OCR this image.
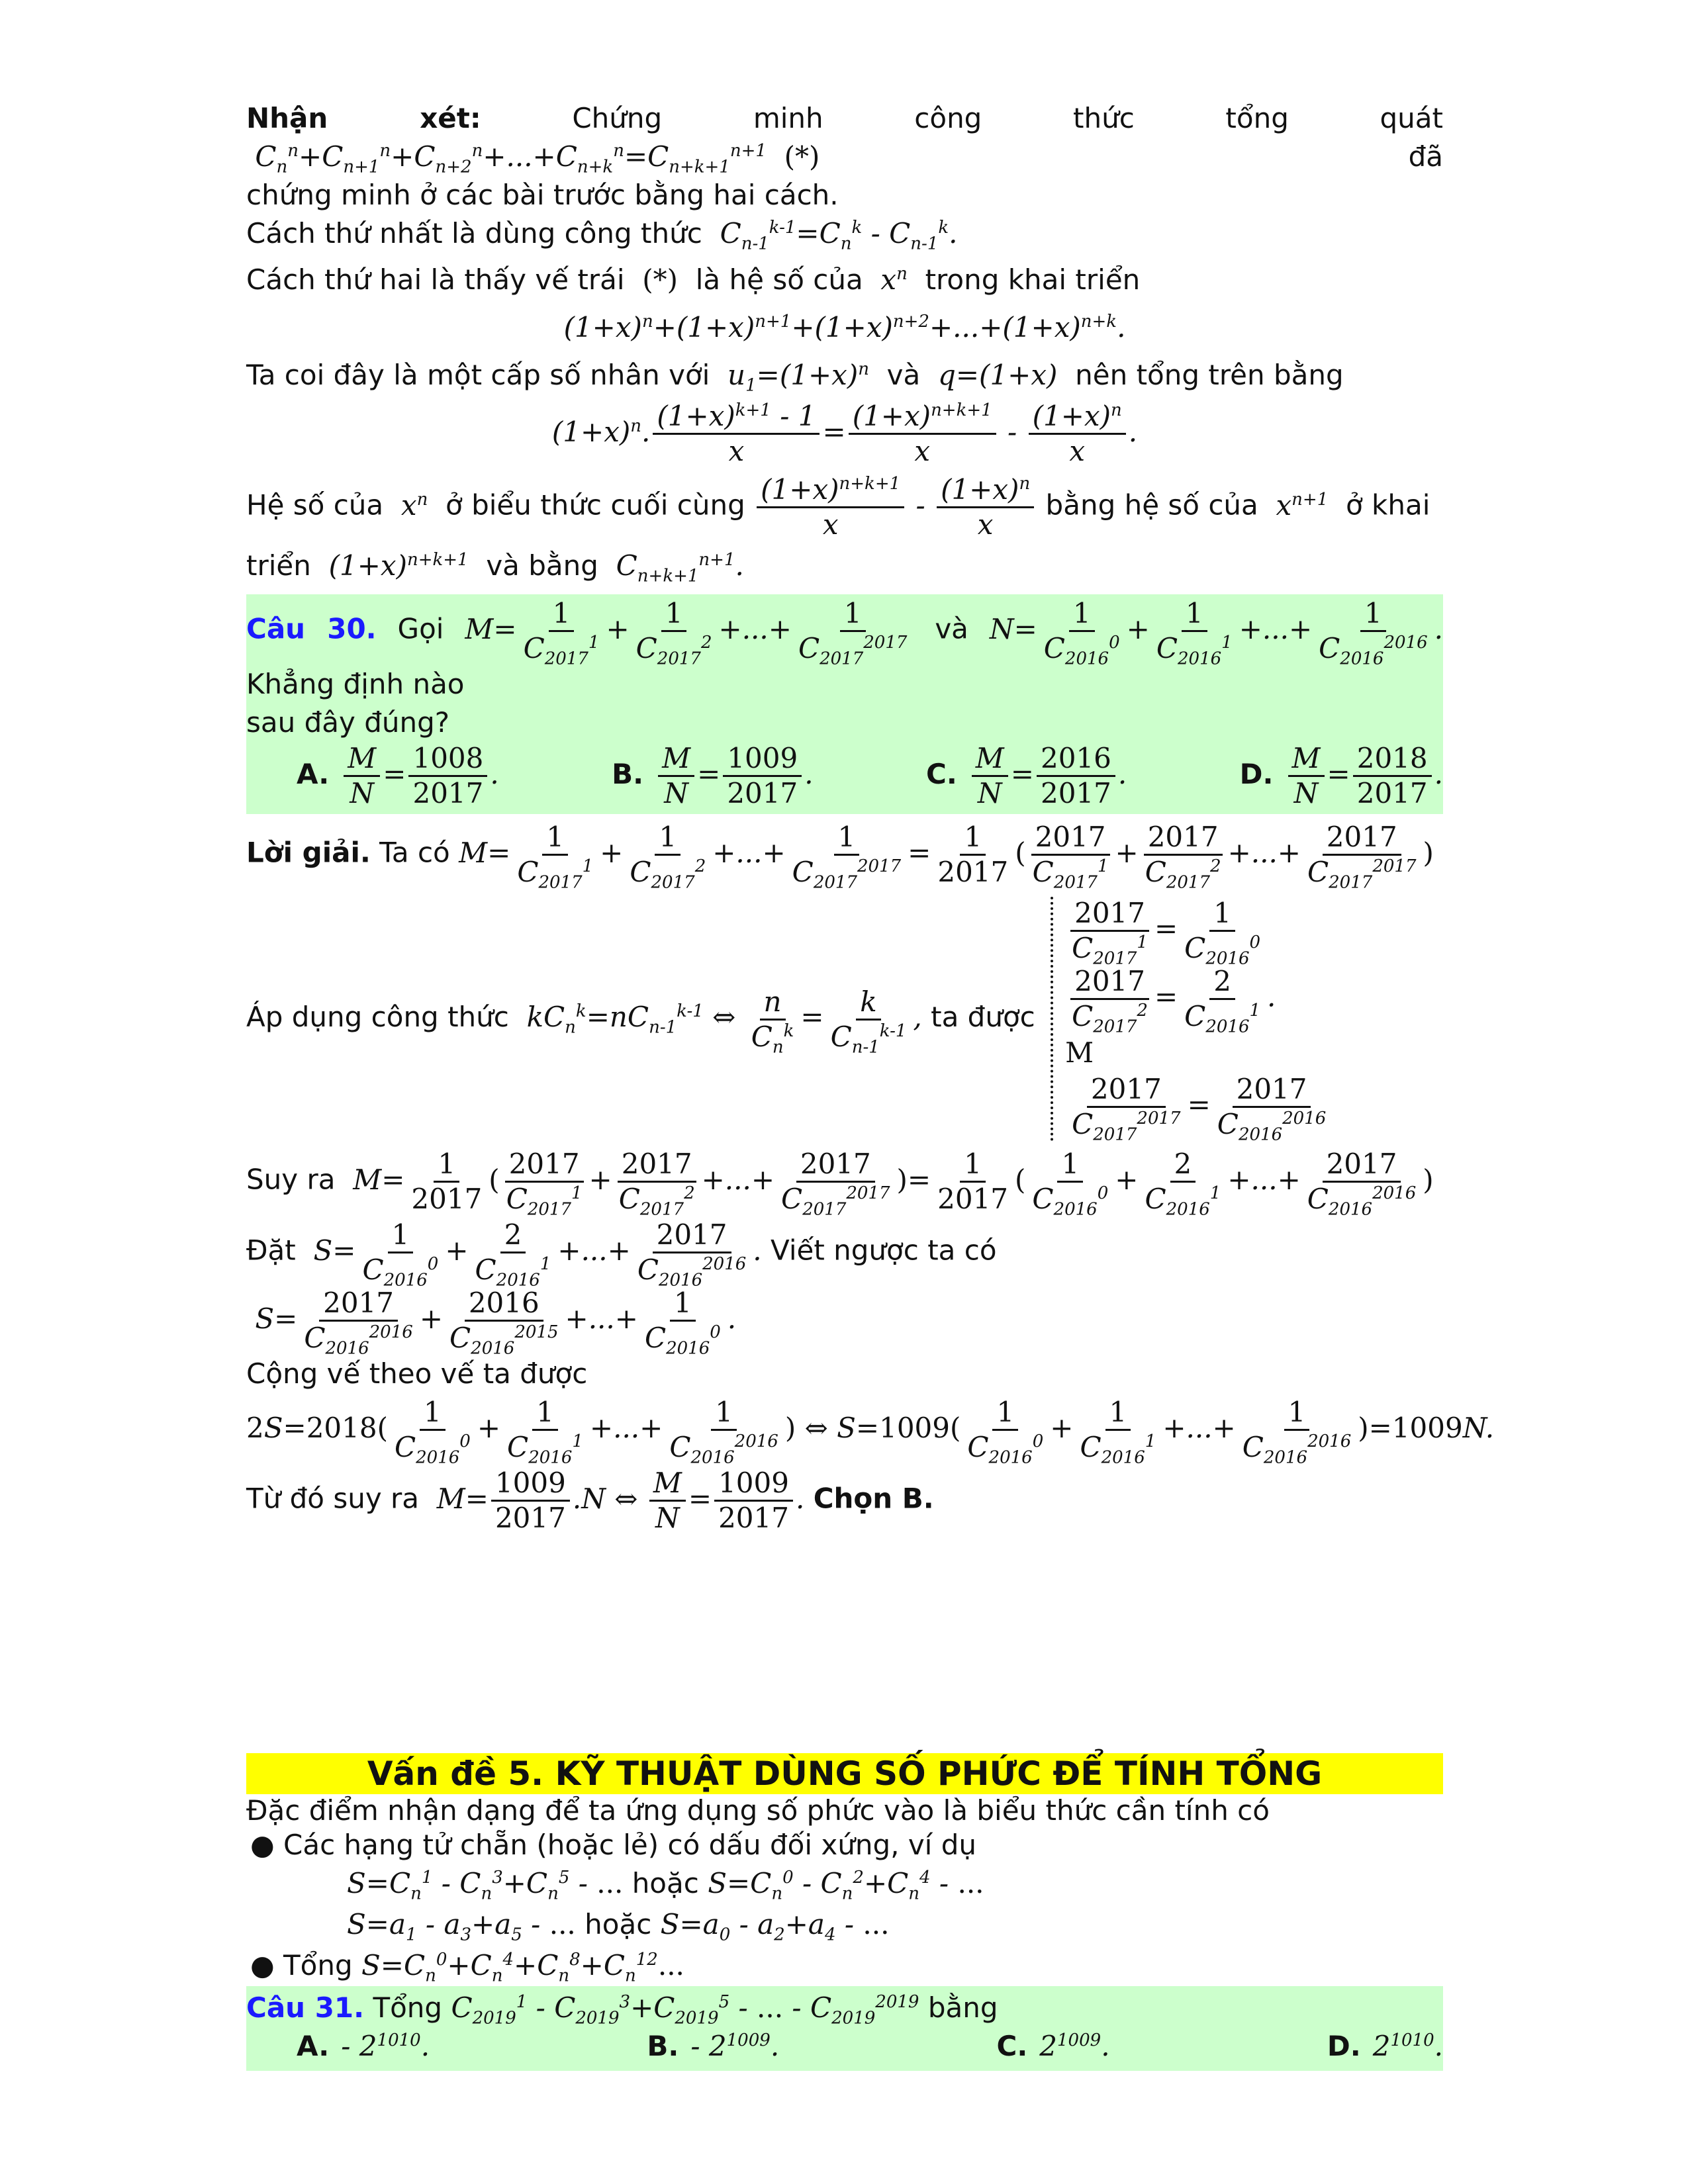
Nhận xét:	Chứng minh công thức tổng quát  $C_n^n+C_{n+1}^n+C_{n+2}^n+...+C_{n+k}^n=C_{n+k+1}^{n+1}$ (*)	đã
chứng minh ở các bài trước bằng hai cách.
Cách thứ nhất là dùng công thức  $C_{n-1}^{k-1}=C_n^k - C_{n-1}^k$.
Cách thứ hai là thấy vế trái (*) là hệ số của  $x^n$ trong khai triển
$(1+x)^n+(1+x)^{n+1}+(1+x)^{n+2}+...+(1+x)^{n+k}$.
Ta coi đây là một cấp số nhân với  $u_1=(1+x)^n$ và  q=(1+x)  nên tổng trên bằng
$(1+x)^n$. $\frac{(1+x)^{k+1} - 1}{x} = \frac{(1+x)^{n+k+1}}{x} - \frac{(1+x)^n}{x}$ .
Hệ số của  $x^n$ ở biểu thức cuối cùng $\frac{(1+x)^{n+k+1}}{x} - \frac{(1+x)^n}{x}$ bằng hệ số của  $x^{n+1}$ ở khai
triển  $(1+x)^{n+k+1}$ và bằng  $C_{n+k+1}^{n+1}$.
Câu 30. Gọi $M= \frac{1}{C_{2017}^1} + \frac{1}{C_{2017}^2}$ +...+ $\frac{1}{C_{2017}^{2017}}$ và $N= \frac{1}{C_{2016}^0} + \frac{1}{C_{2016}^1}$ +...+ $\frac{1}{C_{2016}^{2016}}$ . Khẳng định nào
sau đây đúng?
A. $\frac{M}{N} = \frac{1008}{2017}$ .	B. $\frac{M}{N} = \frac{1009}{2017}$ .	C. $\frac{M}{N} = \frac{2016}{2017}$ .	D. $\frac{M}{N} = \frac{2018}{2017}$ .
Lời giải. Ta có $M= \frac{1}{C_{2017}^1} + \frac{1}{C_{2017}^2}$ +...+ $\frac{1}{C_{2017}^{2017}} = \frac{1}{2017}$ ( $\frac{2017}{C_{2017}^1} + \frac{2017}{C_{2017}^2}$ +...+ $\frac{2017}{C_{2017}^{2017}}$ )
Áp dụng công thức  $kC_n^k=nC_{n-1}^{k-1}$ ⇔ $\frac{n}{C_n^k} = \frac{k}{C_{n-1}^{k-1}}$ , ta được
$\frac{2017}{C_{2017}^1} = \frac{1}{C_{2016}^0}$
$\frac{2017}{C_{2017}^2} = \frac{2}{C_{2016}^1}$ .
M
$\frac{2017}{C_{2017}^{2017}} = \frac{2017}{C_{2016}^{2016}}$
Suy ra  $M= \frac{1}{2017}$ ( $\frac{2017}{C_{2017}^1} + \frac{2017}{C_{2017}^2}$ +...+ $\frac{2017}{C_{2017}^{2017}}$ )= $\frac{1}{2017}$ ( $\frac{1}{C_{2016}^0} + \frac{2}{C_{2016}^1}$ +...+ $\frac{2017}{C_{2016}^{2016}}$ )
Đặt  $S= \frac{1}{C_{2016}^0} + \frac{2}{C_{2016}^1}$ +...+ $\frac{2017}{C_{2016}^{2016}}$ . Viết ngược ta có  $S= \frac{2017}{C_{2016}^{2016}} + \frac{2016}{C_{2016}^{2015}}$ +...+ $\frac{1}{C_{2016}^0}$ .
Cộng vế theo vế ta được
$2S=2018( \frac{1}{C_{2016}^0} + \frac{1}{C_{2016}^1}$ +...+ $\frac{1}{C_{2016}^{2016}}$ ) ⇔ $S=1009( \frac{1}{C_{2016}^0} + \frac{1}{C_{2016}^1}$ +...+ $\frac{1}{C_{2016}^{2016}} )=1009N$.
Từ đó suy ra  $M= \frac{1009}{2017} .N$ ⇔ $\frac{M}{N} = \frac{1009}{2017}$ . Chọn B.
Vấn đề 5. KỸ THUẬT DÙNG SỐ PHỨC ĐỂ TÍNH TỔNG
Đặc điểm nhận dạng để ta ứng dụng số phức vào là biểu thức cần tính có
● Các hạng tử chẵn (hoặc lẻ) có dấu đối xứng, ví dụ
$S=C_n^1 - C_n^3+C_n^5$ - ... hoặc $S=C_n^0 - C_n^2+C_n^4$ - ...
$S=a_1 - a_3+a_5$ - ... hoặc $S=a_0 - a_2+a_4$ - ...
● Tổng $S=C_n^0+C_n^4+C_n^8+C_n^{12}$...
Câu 31. Tổng $C_{2019}^1 - C_{2019}^3+C_{2019}^5$ - ... - $C_{2019}^{2019}$ bằng
A. - $2^{1010}$.	B. - $2^{1009}$.	C. $2^{1009}$.	D. $2^{1010}$.
